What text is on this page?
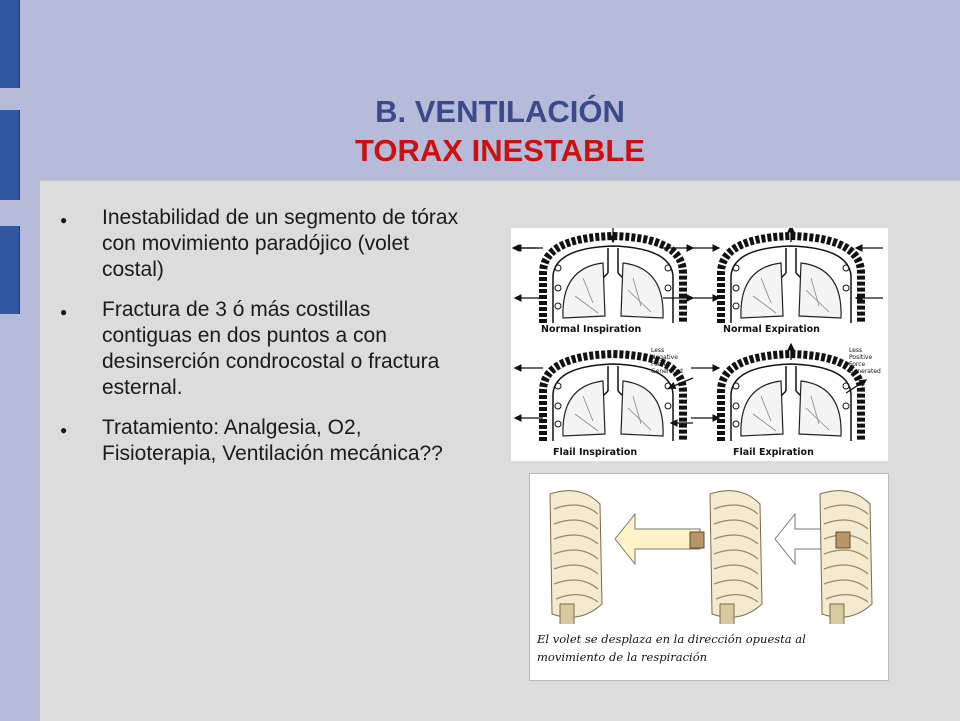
B. VENTILACIÓN
TORAX INESTABLE
● Inestabilidad de un segmento de tórax con movimiento paradójico (volet costal)
● Fractura de 3 ó más costillas contiguas en dos puntos a con desinserción condrocostal o fractura esternal.
● Tratamiento: Analgesia, O2, Fisioterapia, Ventilación mecánica??
Normal Inspiration	Normal Expiration
Flail Inspiration	Flail Expiration
Less
Negative
Force
Generated
Less
Positive
Force
Generated
El volet se desplaza en la dirección opuesta al movimiento de la respiración
